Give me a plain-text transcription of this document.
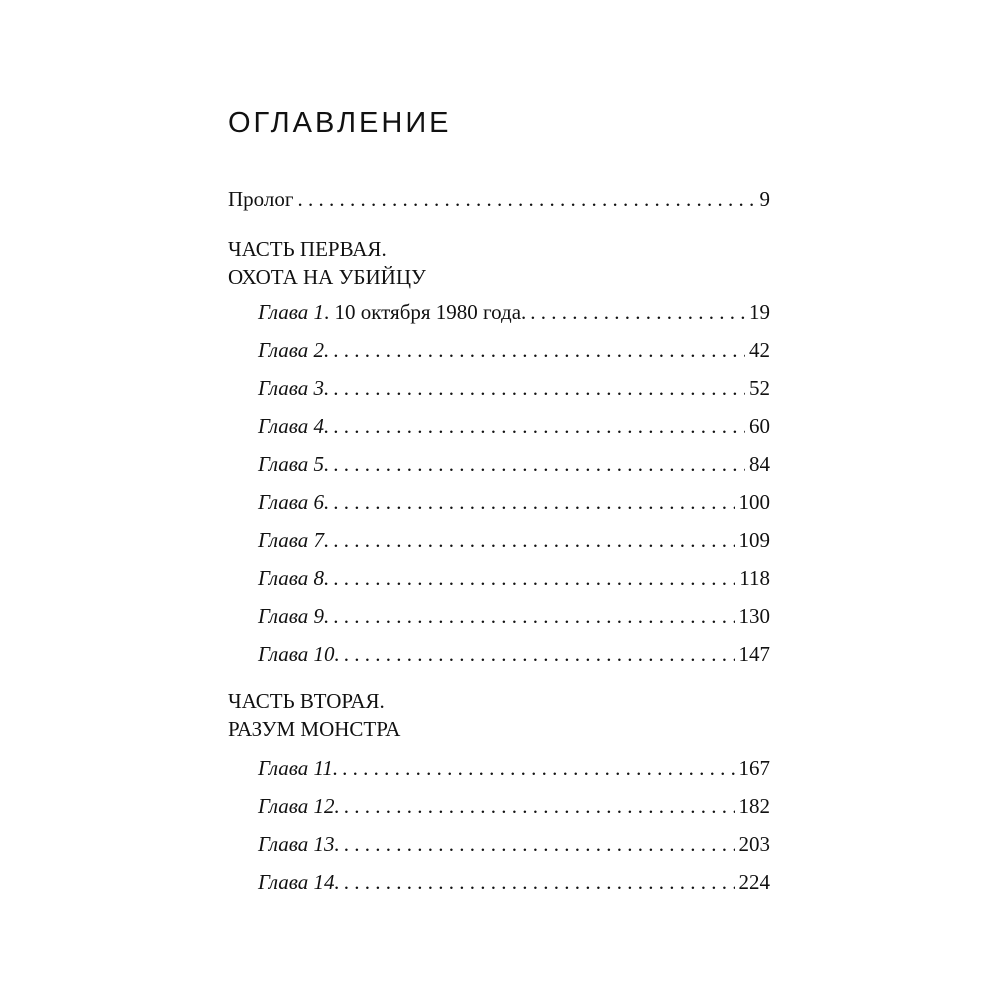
ОГЛАВЛЕНИЕ
Пролог . . .	9
ЧАСТЬ ПЕРВАЯ.
ОХОТА НА УБИЙЦУ
Глава 1. 10 октября 1980 года. . . .	19
Глава 2. . . .	42
Глава 3. . . .	52
Глава 4. . . .	60
Глава 5. . . .	84
Глава 6. . . .	100
Глава 7. . . .	109
Глава 8. . . .	118
Глава 9. . . .	130
Глава 10. . . .	147
ЧАСТЬ ВТОРАЯ.
РАЗУМ МОНСТРА
Глава 11. . . .	167
Глава 12. . . .	182
Глава 13. . . .	203
Глава 14. . . .	224
